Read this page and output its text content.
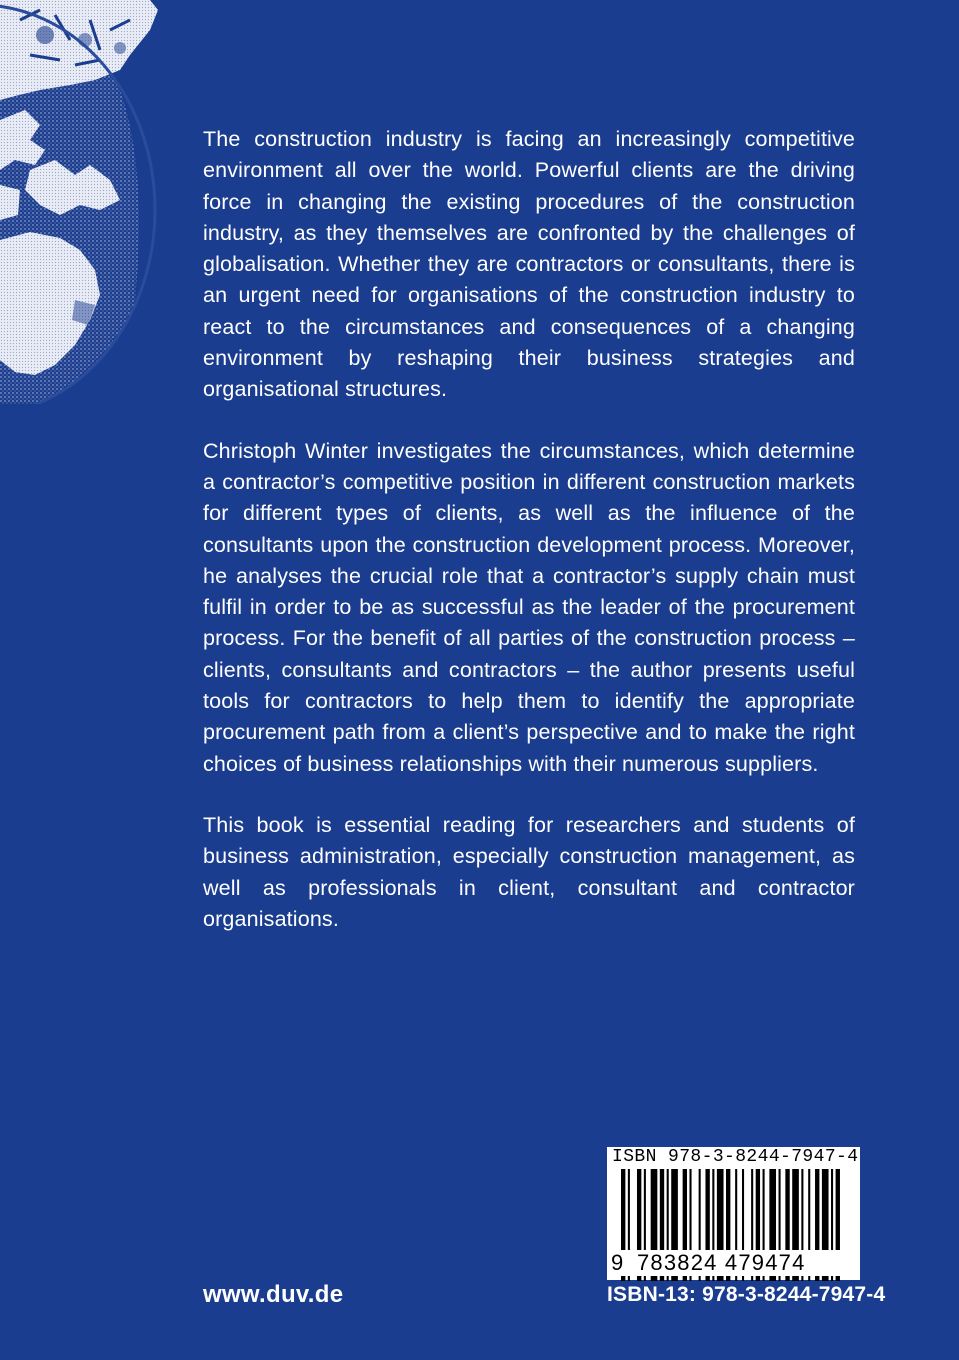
The construction industry is facing an increasingly competitive environment all over the world. Powerful clients are the driving force in changing the existing procedures of the construction industry, as they themselves are confronted by the challenges of globalisation. Whether they are contractors or consultants, there is an urgent need for organisations of the construction industry to react to the circumstances and consequences of a changing environment by reshaping their business strategies and organisational structures.

Christoph Winter investigates the circumstances, which determine a contractor’s competitive position in different construction markets for different types of clients, as well as the influence of the consultants upon the construction development process. Moreover, he analyses the crucial role that a contractor’s supply chain must fulfil in order to be as successful as the leader of the procurement process. For the benefit of all parties of the construction process – clients, consultants and contractors – the author presents useful tools for contractors to help them to identify the appropriate procurement path from a client’s perspective and to make the right choices of business relationships with their numerous suppliers.

This book is essential reading for researchers and students of business administration, especially construction management, as well as professionals in client, consultant and contractor organisations.

www.duv.de
ISBN 978-3-8244-7947-4
9 783824 479474
ISBN-13: 978-3-8244-7947-4
